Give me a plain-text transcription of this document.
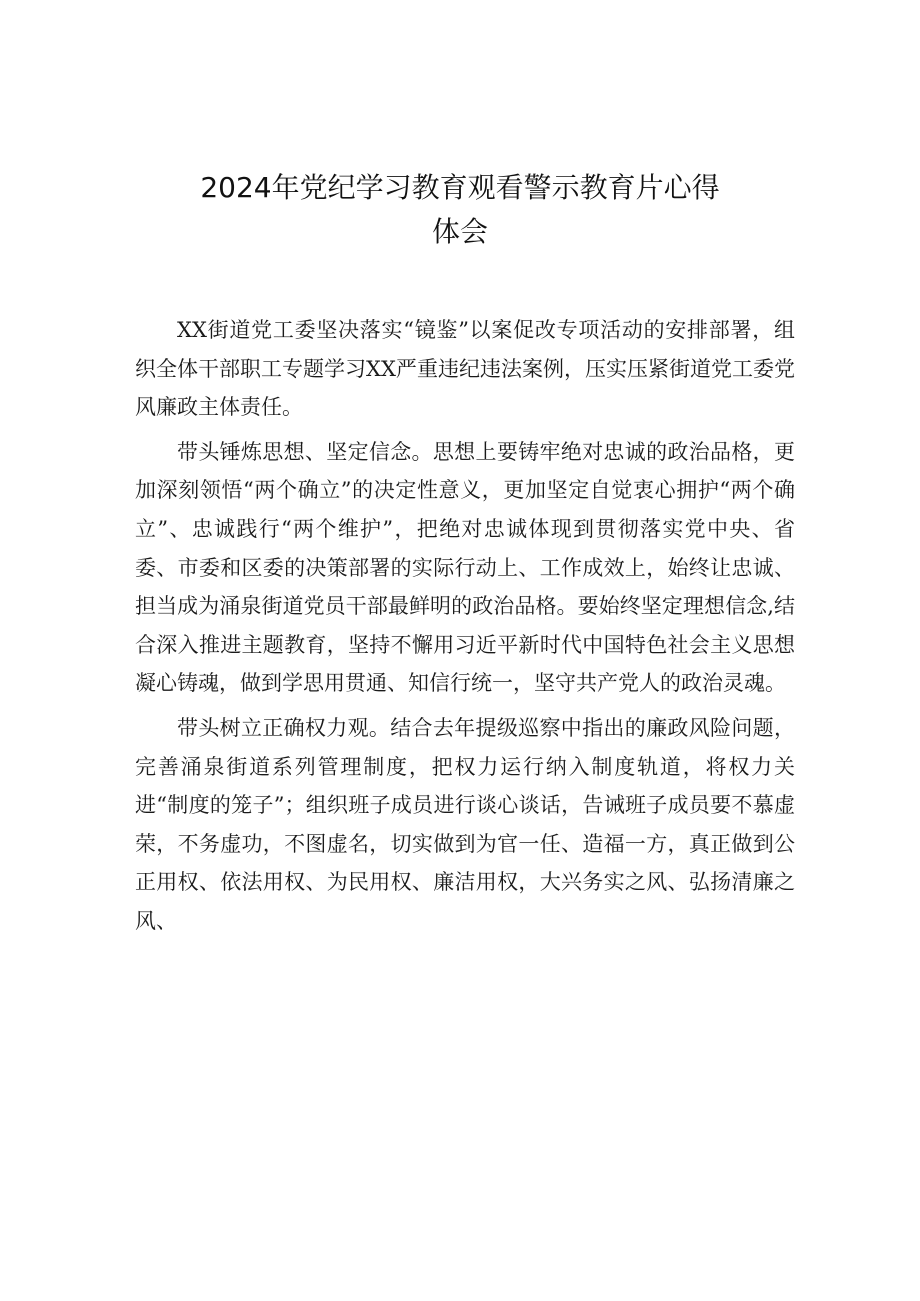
2024年党纪学习教育观看警示教育片心得
体会

XX街道党工委坚决落实“镜鉴”以案促改专项活动的安排部署，组织全体干部职工专题学习XX严重违纪违法案例，压实压紧街道党工委党风廉政主体责任。

带头锤炼思想、坚定信念。思想上要铸牢绝对忠诚的政治品格，更加深刻领悟“两个确立”的决定性意义，更加坚定自觉衷心拥护“两个确立”、忠诚践行“两个维护”，把绝对忠诚体现到贯彻落实党中央、省委、市委和区委的决策部署的实际行动上、工作成效上，始终让忠诚、担当成为涌泉街道党员干部最鲜明的政治品格。要始终坚定理想信念,结合深入推进主题教育，坚持不懈用习近平新时代中国特色社会主义思想凝心铸魂，做到学思用贯通、知信行统一，坚守共产党人的政治灵魂。

带头树立正确权力观。结合去年提级巡察中指出的廉政风险问题，完善涌泉街道系列管理制度，把权力运行纳入制度轨道，将权力关进“制度的笼子”；组织班子成员进行谈心谈话，告诫班子成员要不慕虚荣，不务虚功，不图虚名，切实做到为官一任、造福一方，真正做到公正用权、依法用权、为民用权、廉洁用权，大兴务实之风、弘扬清廉之风、
